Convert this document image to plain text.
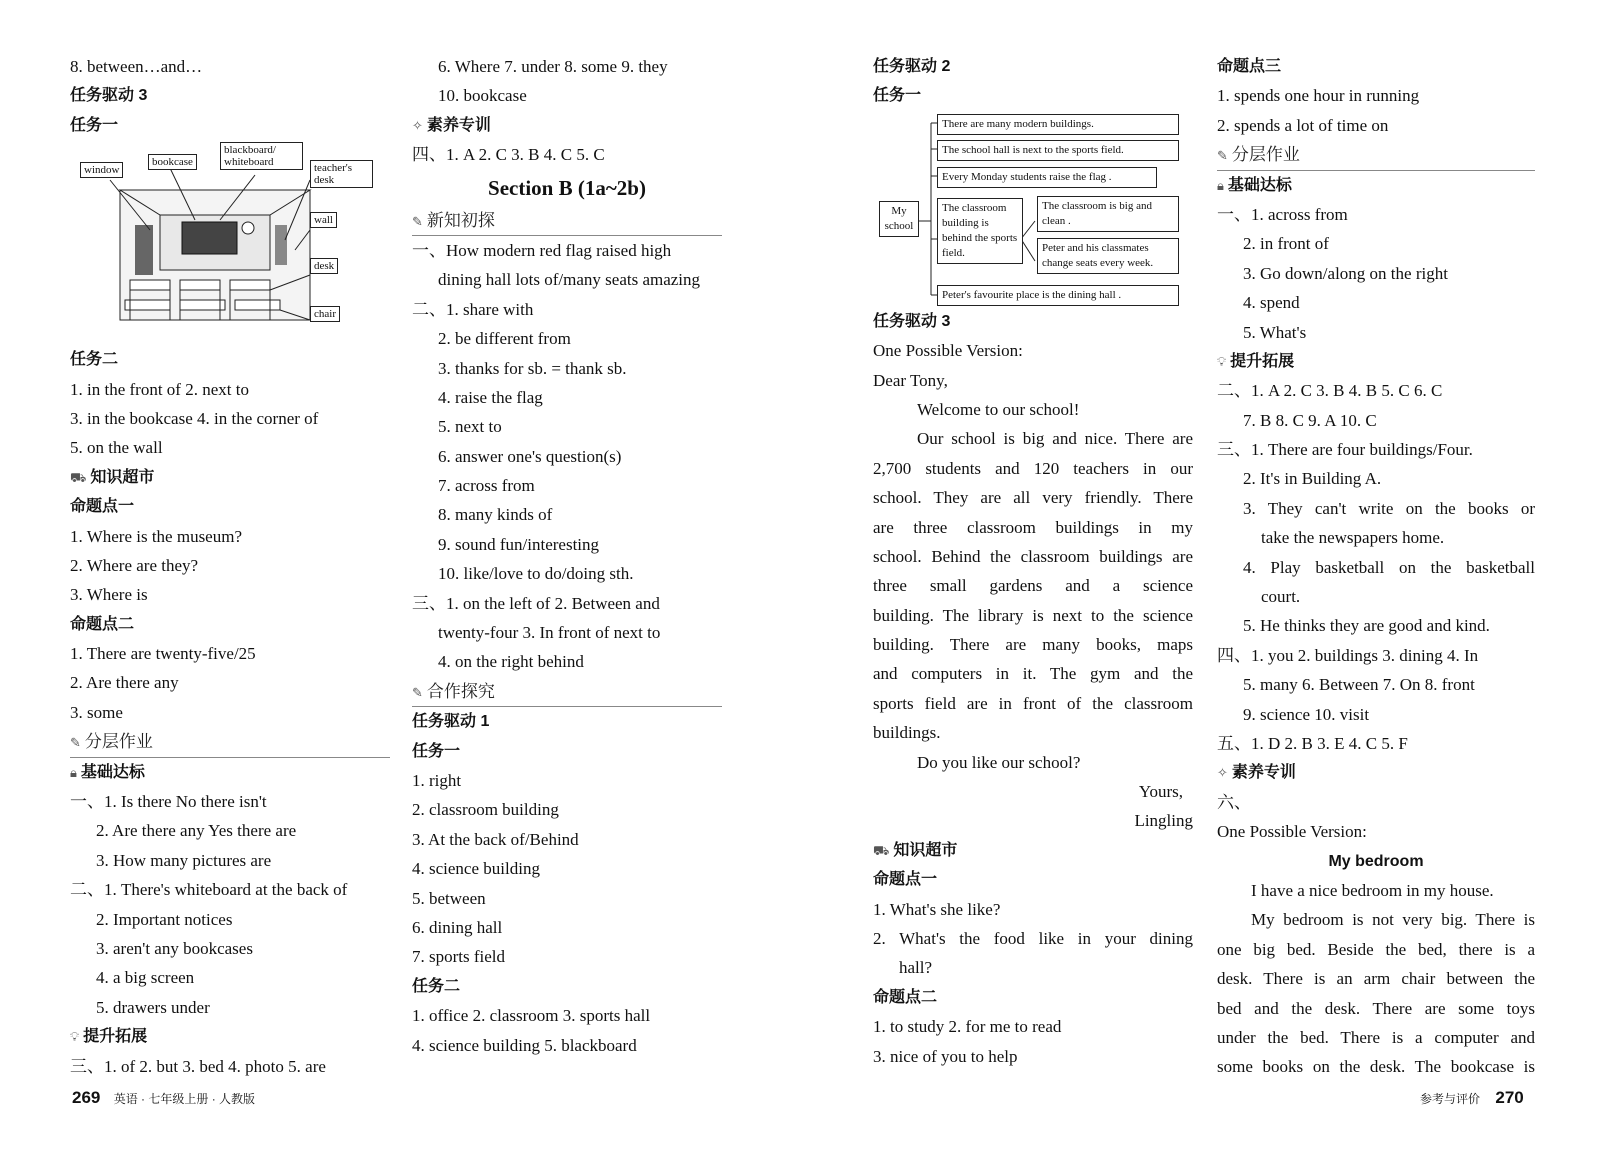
8. between…and…
任务驱动 3
任务一
window
bookcase
blackboard/ whiteboard	teacher's desk
wall
desk
chair
任务二
1. in the front of 2. next to
3. in the bookcase 4. in the corner of
5. on the wall
⛟ 知识超市
命题点一
1. Where is the museum?
2. Where are they?
3. Where is
命题点二
1. There are twenty-five/25
2. Are there any
3. some
✎ 分层作业
🔒︎ 基础达标
一、1. Is there No there isn't
2. Are there any Yes there are
3. How many pictures are
二、1. There's whiteboard at the back of
2. Important notices
3. aren't any bookcases
4. a big screen
5. drawers under
💡︎ 提升拓展
三、1. of 2. but 3. bed 4. photo 5. are
6. Where 7. under 8. some 9. they
10. bookcase
✧ 素养专训
四、1. A 2. C 3. B 4. C 5. C
Section B (1a~2b)
✎ 新知初探
一、How modern red flag raised high
dining hall lots of/many seats amazing
二、1. share with
2. be different from
3. thanks for sb. = thank sb.
4. raise the flag
5. next to
6. answer one's question(s)
7. across from
8. many kinds of
9. sound fun/interesting
10. like/love to do/doing sth.
三、1. on the left of 2. Between and
twenty-four 3. In front of next to
4. on the right behind
✎ 合作探究
任务驱动 1
任务一
1. right
2. classroom building
3. At the back of/Behind
4. science building
5. between
6. dining hall
7. sports field
任务二
1. office 2. classroom 3. sports hall
4. science building 5. blackboard
任务驱动 2
任务一
My school
There are many modern buildings.
The school hall is next to the sports field.
Every Monday students raise the flag .
The classroom building is behind the sports field.
The classroom is big and clean .
Peter and his classmates change seats every week.
Peter's favourite place is the dining hall .
任务驱动 3
One Possible Version:
Dear Tony,
Welcome to our school!
Our school is big and nice. There are
2,700 students and 120 teachers in our
school. They are all very friendly. There
are three classroom buildings in my
school. Behind the classroom buildings are
three small gardens and a science
building. The library is next to the science
building. There are many books, maps
and computers in it. The gym and the
sports field are in front of the classroom
buildings.
Do you like our school?
Yours,
Lingling
⛟ 知识超市
命题点一
1. What's she like?
2. What's the food like in your dining
hall?
命题点二
1. to study 2. for me to read
3. nice of you to help
命题点三
1. spends one hour in running
2. spends a lot of time on
✎ 分层作业
🔒︎ 基础达标
一、1. across from
2. in front of
3. Go down/along on the right
4. spend
5. What's
💡︎ 提升拓展
二、1. A 2. C 3. B 4. B 5. C 6. C
7. B 8. C 9. A 10. C
三、1. There are four buildings/Four.
2. It's in Building A.
3. They can't write on the books or
take the newspapers home.
4. Play basketball on the basketball
court.
5. He thinks they are good and kind.
四、1. you 2. buildings 3. dining 4. In
5. many 6. Between 7. On 8. front
9. science 10. visit
五、1. D 2. B 3. E 4. C 5. F
✧ 素养专训
六、
One Possible Version:
My bedroom
I have a nice bedroom in my house.
My bedroom is not very big. There is
one big bed. Beside the bed, there is a
desk. There is an arm chair between the
bed and the desk. There are some toys
under the bed. There is a computer and
some books on the desk. The bookcase is
269 英语 · 七年级上册 · 人教版	参考与评价 270
